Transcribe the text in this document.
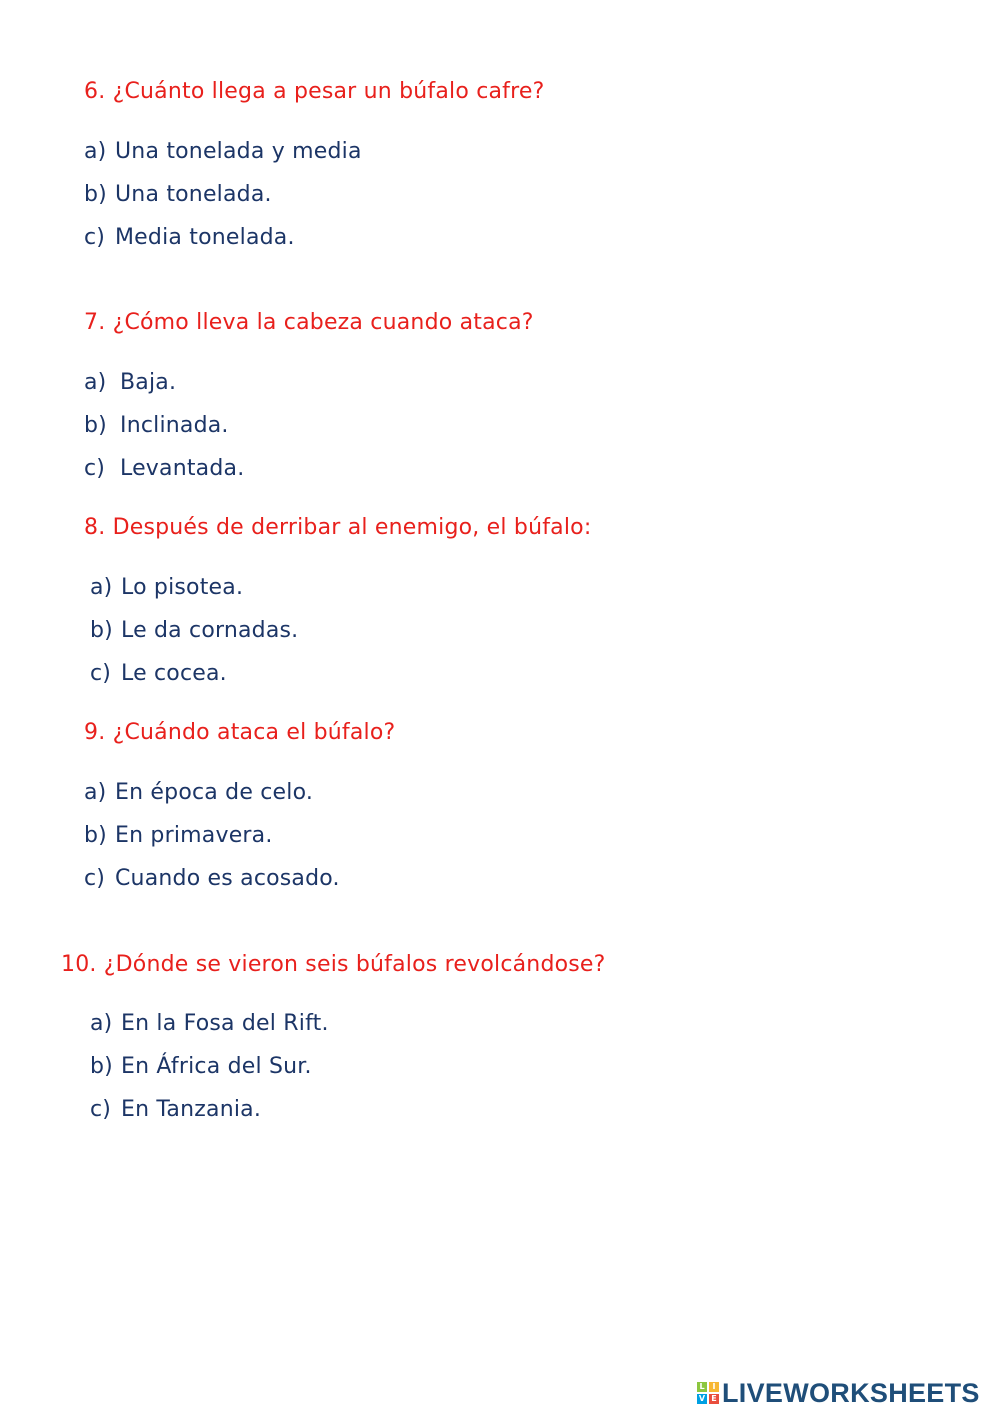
6. ¿Cuánto llega a pesar un búfalo cafre?
a) Una tonelada y media
b) Una tonelada.
c) Media tonelada.
7. ¿Cómo lleva la cabeza cuando ataca?
a) Baja.
b) Inclinada.
c) Levantada.
8. Después de derribar al enemigo, el búfalo:
a) Lo pisotea.
b) Le da cornadas.
c) Le cocea.
9. ¿Cuándo ataca el búfalo?
a) En época de celo.
b) En primavera.
c) Cuando es acosado.
10. ¿Dónde se vieron seis búfalos revolcándose?
a) En la Fosa del Rift.
b) En África del Sur.
c) En Tanzania.
L I
V E LIVEWORKSHEETS
